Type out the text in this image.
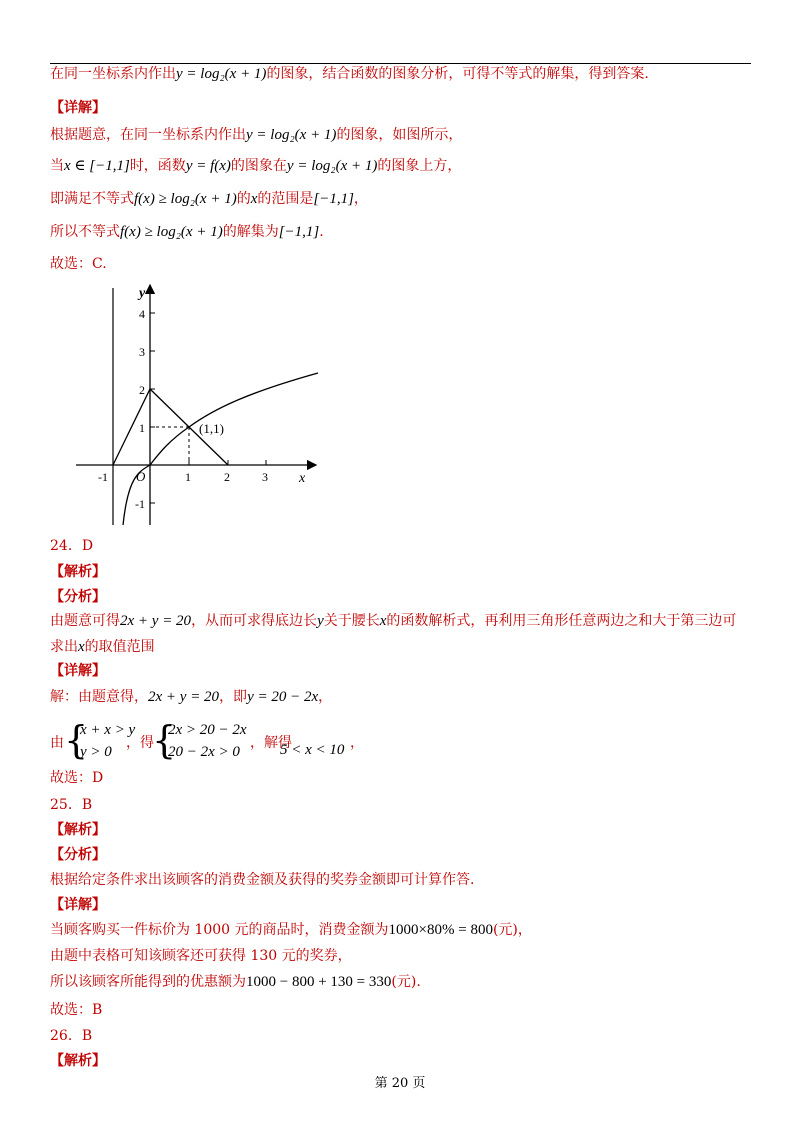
在同一坐标系内作出y = log₂(x + 1)的图象，结合函数的图象分析，可得不等式的解集，得到答案.
【详解】
根据题意，在同一坐标系内作出y = log₂(x + 1)的图象，如图所示，
当x ∈ [−1,1]时，函数y = f(x)的图象在y = log₂(x + 1)的图象上方，
即满足不等式f(x) ≥ log₂(x + 1)的x的范围是[−1,1]，
所以不等式f(x) ≥ log₂(x + 1)的解集为[−1,1].
故选：C.
y
x
O
4
3
2
1
-1
-1	1	2	3
(1,1)
24．D
【解析】
【分析】
由题意可得2x + y = 20，从而可求得底边长y关于腰长x的函数解析式，再利用三角形任意两边之和大于第三边可
求出x的取值范围
【详解】
解：由题意得，2x + y = 20，即y = 20 − 2x，
由 {
x + x > y
y > 0
，得
{
2x > 20 − 2x
20 − 2x > 0
，解得
5 < x < 10 ，
故选：D
25．B
【解析】
【分析】
根据给定条件求出该顾客的消费金额及获得的奖券金额即可计算作答.
【详解】
当顾客购买一件标价为 1000 元的商品时，消费金额为1000×80% = 800(元)，
由题中表格可知该顾客还可获得 130 元的奖券，
所以该顾客所能得到的优惠额为1000 − 800 + 130 = 330(元).
故选：B
26．B
【解析】
第 20 页
